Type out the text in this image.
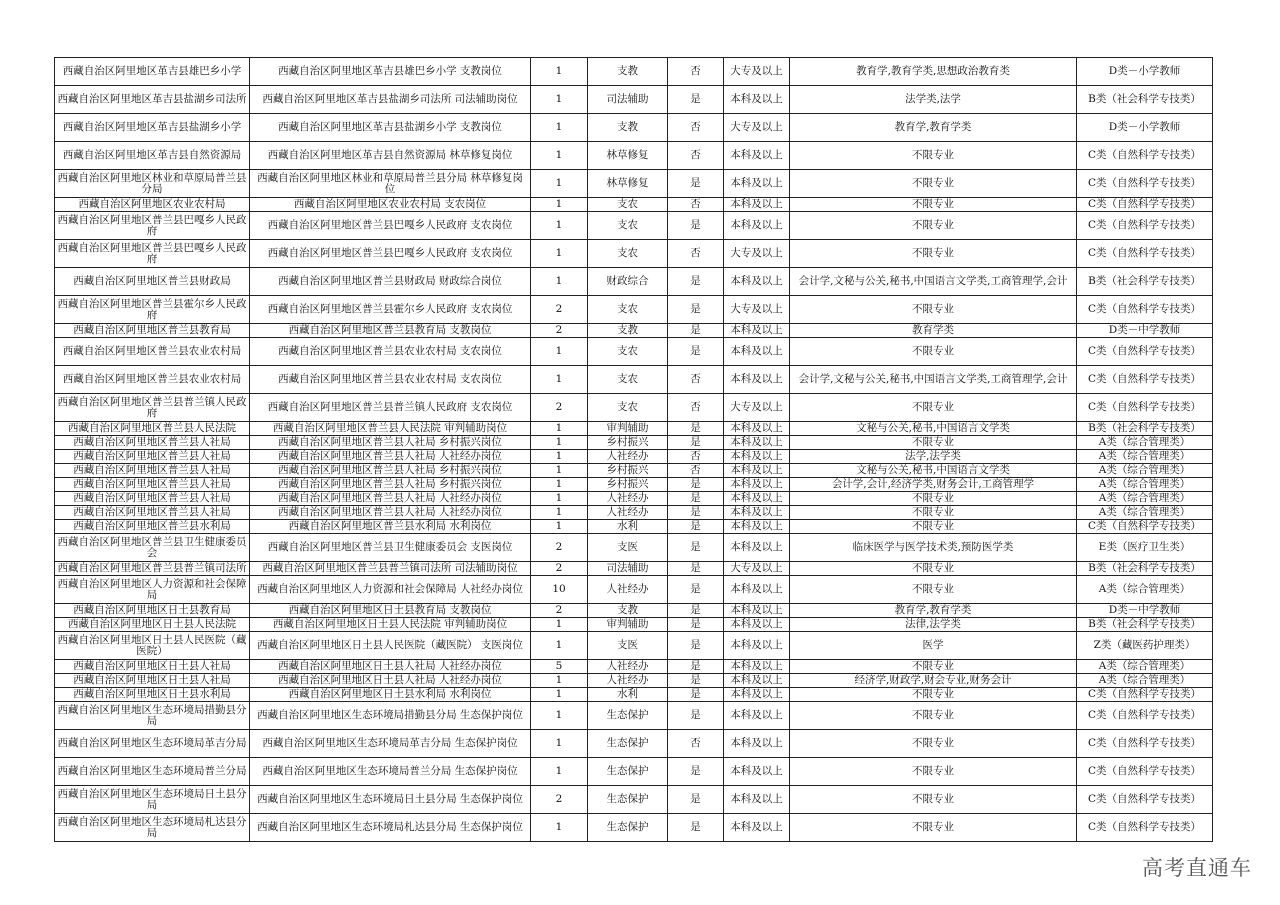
西藏自治区阿里地区革吉县雄巴乡小学	西藏自治区阿里地区革吉县雄巴乡小学 支教岗位	1	支教	否	大专及以上	教育学,教育学类,思想政治教育类	D类－小学教师
西藏自治区阿里地区革吉县盐湖乡司法所	西藏自治区阿里地区革吉县盐湖乡司法所 司法辅助岗位	1	司法辅助	是	本科及以上	法学类,法学	B类（社会科学专技类）
西藏自治区阿里地区革吉县盐湖乡小学	西藏自治区阿里地区革吉县盐湖乡小学 支教岗位	1	支教	否	大专及以上	教育学,教育学类	D类－小学教师
西藏自治区阿里地区革吉县自然资源局	西藏自治区阿里地区革吉县自然资源局 林草修复岗位	1	林草修复	否	本科及以上	不限专业	C类（自然科学专技类）
西藏自治区阿里地区林业和草原局普兰县分局	西藏自治区阿里地区林业和草原局普兰县分局 林草修复岗位	1	林草修复	是	本科及以上	不限专业	C类（自然科学专技类）
西藏自治区阿里地区农业农村局	西藏自治区阿里地区农业农村局 支农岗位	1	支农	否	本科及以上	不限专业	C类（自然科学专技类）
西藏自治区阿里地区普兰县巴嘎乡人民政府	西藏自治区阿里地区普兰县巴嘎乡人民政府 支农岗位	1	支农	是	本科及以上	不限专业	C类（自然科学专技类）
西藏自治区阿里地区普兰县巴嘎乡人民政府	西藏自治区阿里地区普兰县巴嘎乡人民政府 支农岗位	1	支农	否	大专及以上	不限专业	C类（自然科学专技类）
西藏自治区阿里地区普兰县财政局	西藏自治区阿里地区普兰县财政局 财政综合岗位	1	财政综合	是	本科及以上	会计学,文秘与公关,秘书,中国语言文学类,工商管理学,会计	B类（社会科学专技类）
西藏自治区阿里地区普兰县霍尔乡人民政府	西藏自治区阿里地区普兰县霍尔乡人民政府 支农岗位	2	支农	是	大专及以上	不限专业	C类（自然科学专技类）
西藏自治区阿里地区普兰县教育局	西藏自治区阿里地区普兰县教育局 支教岗位	2	支教	是	本科及以上	教育学类	D类－中学教师
西藏自治区阿里地区普兰县农业农村局	西藏自治区阿里地区普兰县农业农村局 支农岗位	1	支农	是	本科及以上	不限专业	C类（自然科学专技类）
西藏自治区阿里地区普兰县农业农村局	西藏自治区阿里地区普兰县农业农村局 支农岗位	1	支农	否	本科及以上	会计学,文秘与公关,秘书,中国语言文学类,工商管理学,会计	C类（自然科学专技类）
西藏自治区阿里地区普兰县普兰镇人民政府	西藏自治区阿里地区普兰县普兰镇人民政府 支农岗位	2	支农	否	大专及以上	不限专业	C类（自然科学专技类）
西藏自治区阿里地区普兰县人民法院	西藏自治区阿里地区普兰县人民法院 审判辅助岗位	1	审判辅助	是	本科及以上	文秘与公关,秘书,中国语言文学类	B类（社会科学专技类）
西藏自治区阿里地区普兰县人社局	西藏自治区阿里地区普兰县人社局 乡村振兴岗位	1	乡村振兴	是	本科及以上	不限专业	A类（综合管理类）
西藏自治区阿里地区普兰县人社局	西藏自治区阿里地区普兰县人社局 人社经办岗位	1	人社经办	否	本科及以上	法学,法学类	A类（综合管理类）
西藏自治区阿里地区普兰县人社局	西藏自治区阿里地区普兰县人社局 乡村振兴岗位	1	乡村振兴	否	本科及以上	文秘与公关,秘书,中国语言文学类	A类（综合管理类）
西藏自治区阿里地区普兰县人社局	西藏自治区阿里地区普兰县人社局 乡村振兴岗位	1	乡村振兴	是	本科及以上	会计学,会计,经济学类,财务会计,工商管理学	A类（综合管理类）
西藏自治区阿里地区普兰县人社局	西藏自治区阿里地区普兰县人社局 人社经办岗位	1	人社经办	是	本科及以上	不限专业	A类（综合管理类）
西藏自治区阿里地区普兰县人社局	西藏自治区阿里地区普兰县人社局 人社经办岗位	1	人社经办	是	本科及以上	不限专业	A类（综合管理类）
西藏自治区阿里地区普兰县水利局	西藏自治区阿里地区普兰县水利局 水利岗位	1	水利	是	本科及以上	不限专业	C类（自然科学专技类）
西藏自治区阿里地区普兰县卫生健康委员会	西藏自治区阿里地区普兰县卫生健康委员会 支医岗位	2	支医	是	本科及以上	临床医学与医学技术类,预防医学类	E类（医疗卫生类）
西藏自治区阿里地区普兰县普兰镇司法所	西藏自治区阿里地区普兰县普兰镇司法所 司法辅助岗位	2	司法辅助	是	大专及以上	不限专业	B类（社会科学专技类）
西藏自治区阿里地区人力资源和社会保障局	西藏自治区阿里地区人力资源和社会保障局 人社经办岗位	10	人社经办	是	本科及以上	不限专业	A类（综合管理类）
西藏自治区阿里地区日土县教育局	西藏自治区阿里地区日土县教育局 支教岗位	2	支教	是	本科及以上	教育学,教育学类	D类－中学教师
西藏自治区阿里地区日土县人民法院	西藏自治区阿里地区日土县人民法院 审判辅助岗位	1	审判辅助	是	本科及以上	法律,法学类	B类（社会科学专技类）
西藏自治区阿里地区日土县人民医院（藏医院）	西藏自治区阿里地区日土县人民医院（藏医院） 支医岗位	1	支医	是	本科及以上	医学	Z类（藏医药护理类）
西藏自治区阿里地区日土县人社局	西藏自治区阿里地区日土县人社局 人社经办岗位	5	人社经办	是	本科及以上	不限专业	A类（综合管理类）
西藏自治区阿里地区日土县人社局	西藏自治区阿里地区日土县人社局 人社经办岗位	1	人社经办	是	本科及以上	经济学,财政学,财会专业,财务会计	A类（综合管理类）
西藏自治区阿里地区日土县水利局	西藏自治区阿里地区日土县水利局 水利岗位	1	水利	是	本科及以上	不限专业	C类（自然科学专技类）
西藏自治区阿里地区生态环境局措勤县分局	西藏自治区阿里地区生态环境局措勤县分局 生态保护岗位	1	生态保护	是	本科及以上	不限专业	C类（自然科学专技类）
西藏自治区阿里地区生态环境局革吉分局	西藏自治区阿里地区生态环境局革吉分局 生态保护岗位	1	生态保护	否	本科及以上	不限专业	C类（自然科学专技类）
西藏自治区阿里地区生态环境局普兰分局	西藏自治区阿里地区生态环境局普兰分局 生态保护岗位	1	生态保护	是	本科及以上	不限专业	C类（自然科学专技类）
西藏自治区阿里地区生态环境局日土县分局	西藏自治区阿里地区生态环境局日土县分局 生态保护岗位	2	生态保护	是	本科及以上	不限专业	C类（自然科学专技类）
西藏自治区阿里地区生态环境局札达县分局	西藏自治区阿里地区生态环境局札达县分局 生态保护岗位	1	生态保护	是	本科及以上	不限专业	C类（自然科学专技类）
高考直通车
